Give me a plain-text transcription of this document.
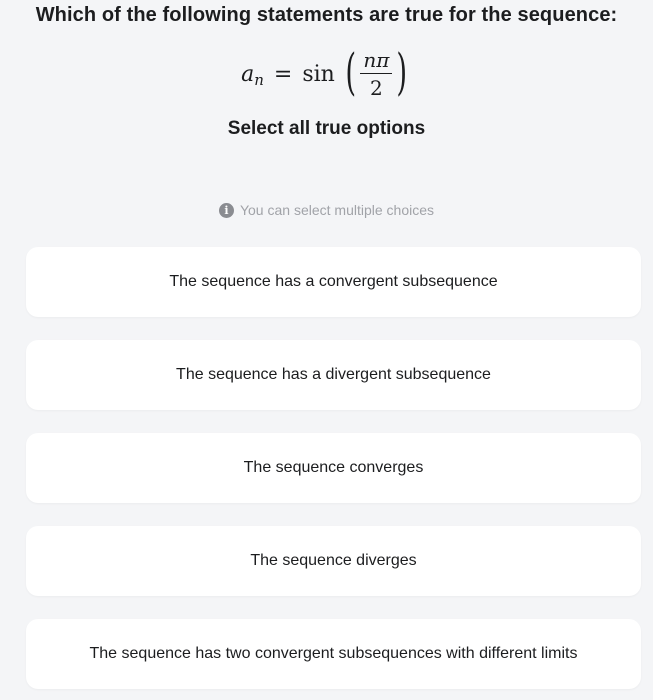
Which of the following statements are true for the sequence:
a n = sin ( $\frac{n\pi}{2}$ )
Select all true options
i You can select multiple choices
The sequence has a convergent subsequence
The sequence has a divergent subsequence
The sequence converges
The sequence diverges
The sequence has two convergent subsequences with different limits
